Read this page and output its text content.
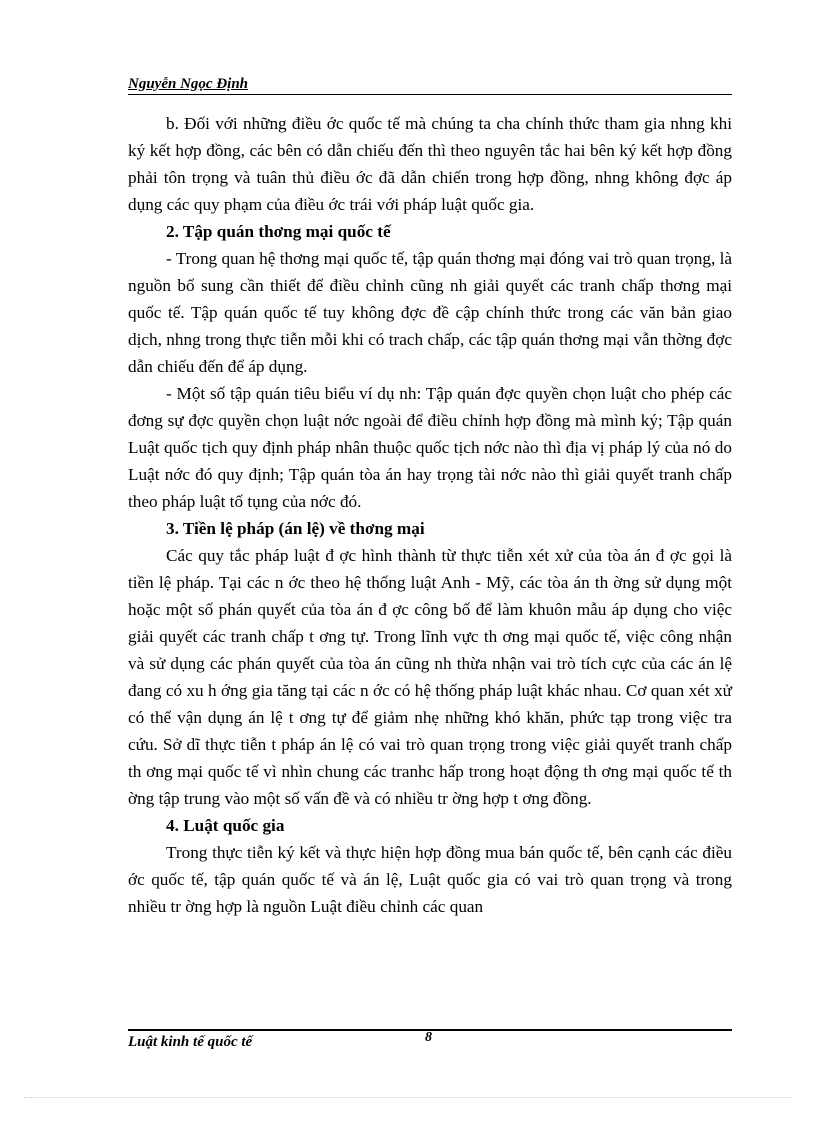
Nguyễn Ngọc Định

b. Đối với những điều ớc quốc tế mà chúng ta cha chính thức tham gia nhng khi ký kết hợp đồng, các bên có dẫn chiếu đến thì theo nguyên tắc hai bên ký kết hợp đồng phải tôn trọng và tuân thủ điều ớc đã dẫn chiến trong hợp đồng, nhng không đợc áp dụng các quy phạm của điều ớc trái với pháp luật quốc gia.

2. Tập quán thơng mại quốc tế

- Trong quan hệ thơng mại quốc tế, tập quán thơng mại đóng vai trò quan trọng, là nguồn bổ sung cần thiết để điều chỉnh cũng nh giải quyết các tranh chấp thơng mại quốc tế. Tập quán quốc tế tuy không đợc đề cập chính thức trong các văn bản giao dịch, nhng trong thực tiễn mỗi khi có trach chấp, các tập quán thơng mại vẫn thờng đợc dẫn chiếu đến để áp dụng.

- Một số tập quán tiêu biểu ví dụ nh: Tập quán đợc quyền chọn luật cho phép các đơng sự đợc quyền chọn luật nớc ngoài để điều chỉnh hợp đồng mà mình ký; Tập quán Luật quốc tịch quy định pháp nhân thuộc quốc tịch nớc nào thì địa vị pháp lý của nó do Luật nớc đó quy định; Tập quán tòa án hay trọng tài nớc nào thì giải quyết tranh chấp theo pháp luật tố tụng của nớc đó.

3. Tiền lệ pháp (án lệ) về thơng mại

Các quy tắc pháp luật đ ợc hình thành từ thực tiễn xét xử của tòa án đ ợc gọi là tiền lệ pháp. Tại các n ớc theo hệ thống luật Anh - Mỹ, các tòa án th ờng sử dụng một hoặc một số phán quyết của tòa án đ ợc công bố để làm khuôn mẫu áp dụng cho việc giải quyết các tranh chấp t ơng tự. Trong lĩnh vực th ơng mại quốc tế, việc công nhận và sử dụng các phán quyết của tòa án cũng nh thừa nhận vai trò tích cực của các án lệ đang có xu h ớng gia tăng tại các n ớc có hệ thống pháp luật khác nhau. Cơ quan xét xử có thể vận dụng án lệ t ơng tự để giảm nhẹ những khó khăn, phức tạp trong việc tra cứu. Sở dĩ thực tiễn t pháp án lệ có vai trò quan trọng trong việc giải quyết tranh chấp th ơng mại quốc tế vì nhìn chung các tranhc hấp trong hoạt động th ơng mại quốc tế th ờng tập trung vào một số vấn đề và có nhiều tr ờng hợp t ơng đồng.

4. Luật quốc gia

Trong thực tiễn ký kết và thực hiện hợp đồng mua bán quốc tế, bên cạnh các điều ớc quốc tế, tập quán quốc tế và án lệ, Luật quốc gia có vai trò quan trọng và trong nhiều tr ờng hợp là nguồn Luật điều chỉnh các quan

Luật kinh tế quốc tế	8
